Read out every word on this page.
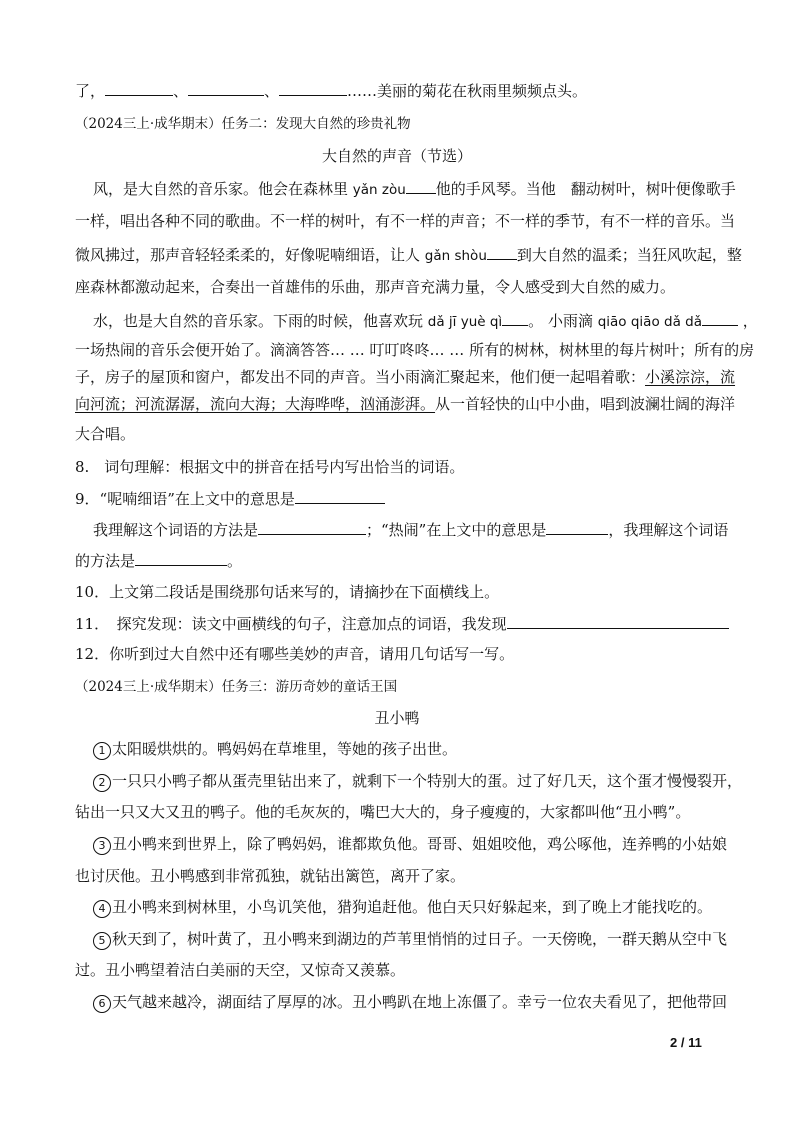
了，	、	、	……美丽的菊花在秋雨里频频点头。
（2024三上·成华期末）任务二：发现大自然的珍贵礼物
大自然的声音（节选）
风，是大自然的音乐家。他会在森林里 yǎn zòu 他的手风琴。当他　翻动树叶，树叶便像歌手
一样，唱出各种不同的歌曲。不一样的树叶，有不一样的声音；不一样的季节，有不一样的音乐。当
微风拂过，那声音轻轻柔柔的，好像呢喃细语，让人 gǎn shòu 到大自然的温柔；当狂风吹起，整
座森林都激动起来，合奏出一首雄伟的乐曲，那声音充满力量，令人感受到大自然的威力。
水，也是大自然的音乐家。下雨的时候，他喜欢玩 dǎ jī yuè qì 。 小雨滴 qiāo qiāo dǎ dǎ ，
一场热闹的音乐会便开始了。滴滴答答… … 叮叮咚咚… … 所有的树林，树林里的每片树叶；所有的房
子，房子的屋顶和窗户，都发出不同的声音。当小雨滴汇聚起来，他们便一起唱着歌：小溪淙淙，流
向河流；河流潺潺，流向大海；大海哗哗，汹涌澎湃。从一首轻快的山中小曲，唱到波澜壮阔的海洋
大合唱。
8.　词句理解：根据文中的拼音在括号内写出恰当的词语。
9．“呢喃细语”在上文中的意思是
我理解这个词语的方法是	；“热闹”在上文中的意思是	，我理解这个词语
的方法是	。
10．上文第二段话是围绕那句话来写的，请摘抄在下面横线上。
11．　探究发现：读文中画横线的句子，注意加点的词语，我发现
12．你听到过大自然中还有哪些美妙的声音，请用几句话写一写。
（2024三上·成华期末）任务三：游历奇妙的童话王国
丑小鸭
1 太阳暖烘烘的。鸭妈妈在草堆里，等她的孩子出世。
2 一只只小鸭子都从蛋壳里钻出来了，就剩下一个特别大的蛋。过了好几天，这个蛋才慢慢裂开，
钻出一只又大又丑的鸭子。他的毛灰灰的，嘴巴大大的，身子瘦瘦的，大家都叫他“丑小鸭”。
3 丑小鸭来到世界上，除了鸭妈妈，谁都欺负他。哥哥、姐姐咬他，鸡公啄他，连养鸭的小姑娘
也讨厌他。丑小鸭感到非常孤独，就钻出篱笆，离开了家。
4 丑小鸭来到树林里，小鸟讥笑他，猎狗追赶他。他白天只好躲起来，到了晚上才能找吃的。
5 秋天到了，树叶黄了，丑小鸭来到湖边的芦苇里悄悄的过日子。一天傍晚，一群天鹅从空中飞
过。丑小鸭望着洁白美丽的天空，又惊奇又羡慕。
6 天气越来越冷，湖面结了厚厚的冰。丑小鸭趴在地上冻僵了。幸亏一位农夫看见了，把他带回
2 / 11
